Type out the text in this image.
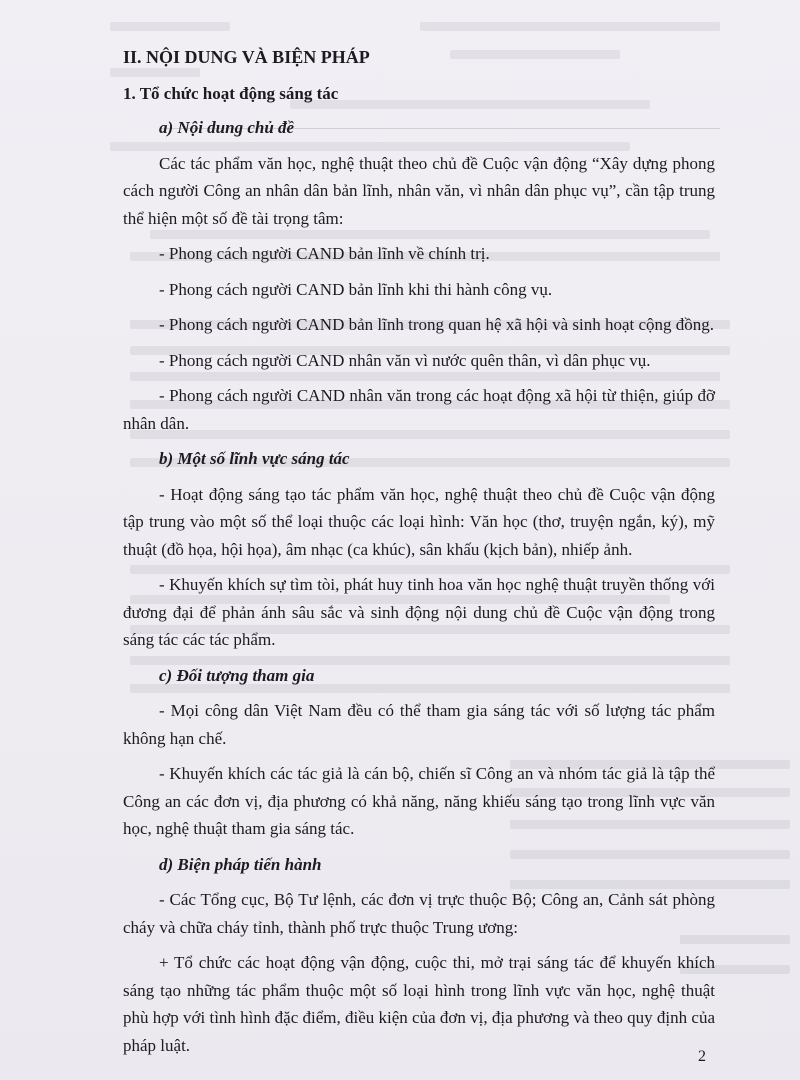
II. NỘI DUNG VÀ BIỆN PHÁP

1. Tổ chức hoạt động sáng tác

a) Nội dung chủ đề

Các tác phẩm văn học, nghệ thuật theo chủ đề Cuộc vận động “Xây dựng phong cách người Công an nhân dân bản lĩnh, nhân văn, vì nhân dân phục vụ”, cần tập trung thể hiện một số đề tài trọng tâm:

- Phong cách người CAND bản lĩnh về chính trị.

- Phong cách người CAND bản lĩnh khi thi hành công vụ.

- Phong cách người CAND bản lĩnh trong quan hệ xã hội và sinh hoạt cộng đồng.

- Phong cách người CAND nhân văn vì nước quên thân, vì dân phục vụ.

- Phong cách người CAND nhân văn trong các hoạt động xã hội từ thiện, giúp đỡ nhân dân.

b) Một số lĩnh vực sáng tác

- Hoạt động sáng tạo tác phẩm văn học, nghệ thuật theo chủ đề Cuộc vận động tập trung vào một số thể loại thuộc các loại hình: Văn học (thơ, truyện ngắn, ký), mỹ thuật (đồ họa, hội họa), âm nhạc (ca khúc), sân khấu (kịch bản), nhiếp ảnh.

- Khuyến khích sự tìm tòi, phát huy tinh hoa văn học nghệ thuật truyền thống với đương đại để phản ánh sâu sắc và sinh động nội dung chủ đề Cuộc vận động trong sáng tác các tác phẩm.

c) Đối tượng tham gia

- Mọi công dân Việt Nam đều có thể tham gia sáng tác với số lượng tác phẩm không hạn chế.

- Khuyến khích các tác giả là cán bộ, chiến sĩ Công an và nhóm tác giả là tập thể Công an các đơn vị, địa phương có khả năng, năng khiếu sáng tạo trong lĩnh vực văn học, nghệ thuật tham gia sáng tác.

d) Biện pháp tiến hành

- Các Tổng cục, Bộ Tư lệnh, các đơn vị trực thuộc Bộ; Công an, Cảnh sát phòng cháy và chữa cháy tỉnh, thành phố trực thuộc Trung ương:

+ Tổ chức các hoạt động vận động, cuộc thi, mở trại sáng tác để khuyến khích sáng tạo những tác phẩm thuộc một số loại hình trong lĩnh vực văn học, nghệ thuật phù hợp với tình hình đặc điểm, điều kiện của đơn vị, địa phương và theo quy định của pháp luật.

2
